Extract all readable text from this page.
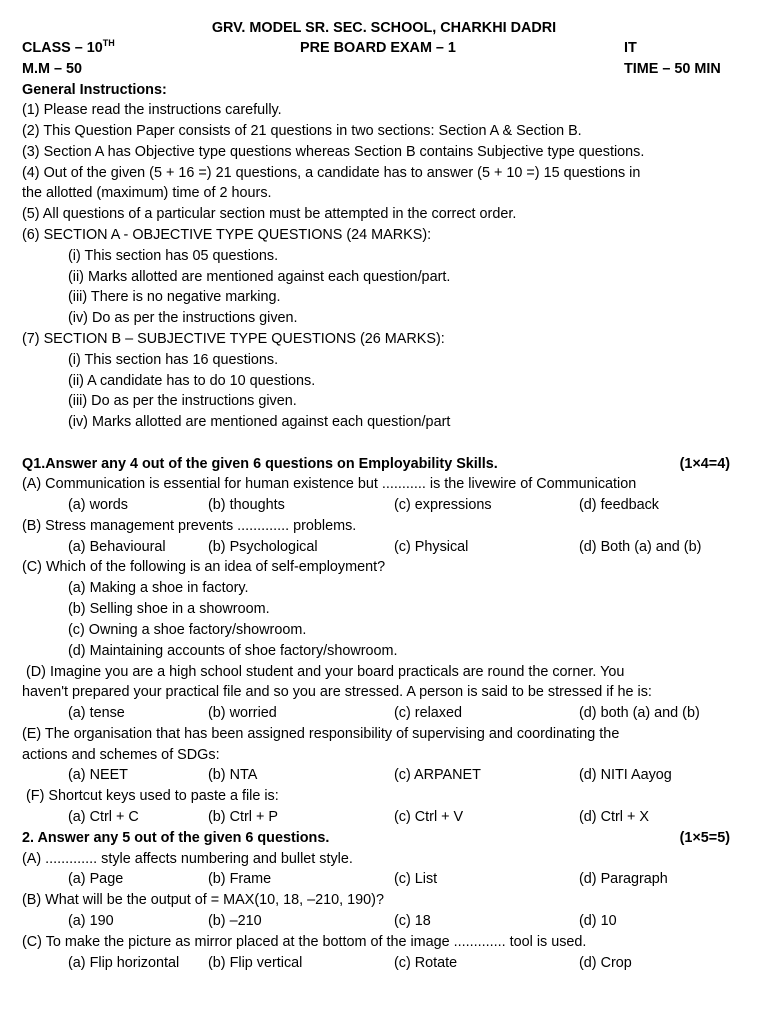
GRV. MODEL SR. SEC. SCHOOL, CHARKHI DADRI
CLASS – 10TH	PRE BOARD EXAM – 1	IT
M.M – 50	TIME – 50 MIN
General Instructions:
(1) Please read the instructions carefully.
(2) This Question Paper consists of 21 questions in two sections: Section A & Section B.
(3) Section A has Objective type questions whereas Section B contains Subjective type questions.
(4) Out of the given (5 + 16 =) 21 questions, a candidate has to answer (5 + 10 =) 15 questions in
the allotted (maximum) time of 2 hours.
(5) All questions of a particular section must be attempted in the correct order.
(6) SECTION A - OBJECTIVE TYPE QUESTIONS (24 MARKS):
(i) This section has 05 questions.
(ii) Marks allotted are mentioned against each question/part.
(iii) There is no negative marking.
(iv) Do as per the instructions given.
(7) SECTION B – SUBJECTIVE TYPE QUESTIONS (26 MARKS):
(i) This section has 16 questions.
(ii) A candidate has to do 10 questions.
(iii) Do as per the instructions given.
(iv) Marks allotted are mentioned against each question/part
Q1.Answer any 4 out of the given 6 questions on Employability Skills.	(1×4=4)
(A) Communication is essential for human existence but ........... is the livewire of Communication
(a) words	(b) thoughts	(c) expressions	(d) feedback
(B) Stress management prevents ............. problems.
(a) Behavioural	(b) Psychological	(c) Physical	(d) Both (a) and (b)
(C) Which of the following is an idea of self-employment?
(a) Making a shoe in factory.
(b) Selling shoe in a showroom.
(c) Owning a shoe factory/showroom.
(d) Maintaining accounts of shoe factory/showroom.
(D) Imagine you are a high school student and your board practicals are round the corner. You
haven't prepared your practical file and so you are stressed. A person is said to be stressed if he is:
(a) tense	(b) worried	(c) relaxed	(d) both (a) and (b)
(E) The organisation that has been assigned responsibility of supervising and coordinating the
actions and schemes of SDGs:
(a) NEET	(b) NTA	(c) ARPANET	(d) NITI Aayog
(F) Shortcut keys used to paste a file is:
(a) Ctrl + C	(b) Ctrl + P	(c) Ctrl + V	(d) Ctrl + X
2. Answer any 5 out of the given 6 questions.	(1×5=5)
(A) ............. style affects numbering and bullet style.
(a) Page	(b) Frame	(c) List	(d) Paragraph
(B) What will be the output of = MAX(10, 18, –210, 190)?
(a) 190	(b) –210	(c) 18	(d) 10
(C) To make the picture as mirror placed at the bottom of the image ............. tool is used.
(a) Flip horizontal (b) Flip vertical	(c) Rotate	(d) Crop
